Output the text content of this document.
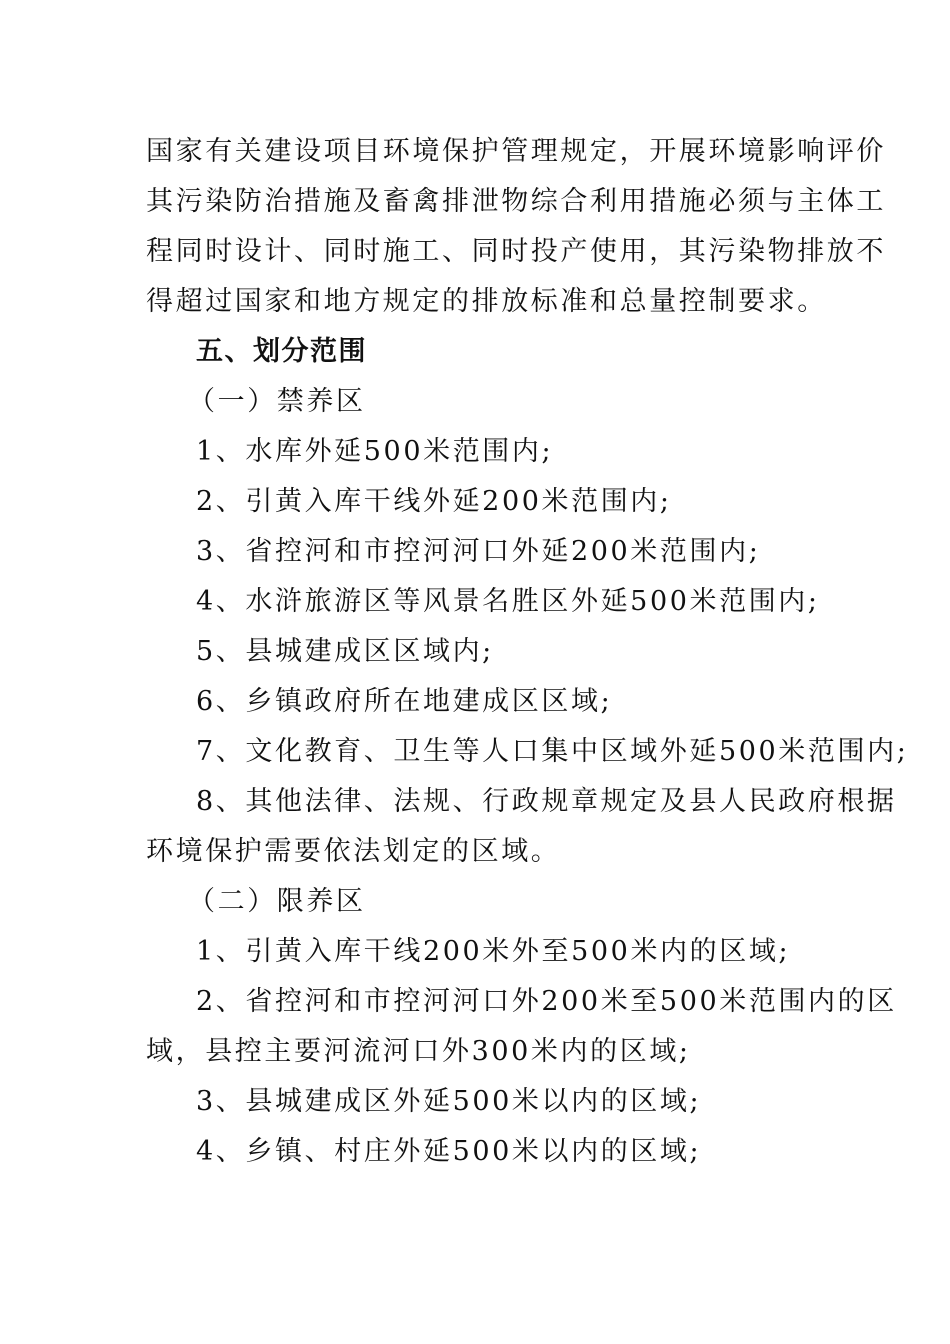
国家有关建设项目环境保护管理规定，开展环境影响评价
其污染防治措施及畜禽排泄物综合利用措施必须与主体工
程同时设计、同时施工、同时投产使用，其污染物排放不
得超过国家和地方规定的排放标准和总量控制要求。
五、划分范围
（一）禁养区
1、水库外延500米范围内;
2、引黄入库干线外延200米范围内;
3、省控河和市控河河口外延200米范围内;
4、水浒旅游区等风景名胜区外延500米范围内;
5、县城建成区区域内;
6、乡镇政府所在地建成区区域;
7、文化教育、卫生等人口集中区域外延500米范围内;
8、其他法律、法规、行政规章规定及县人民政府根据
环境保护需要依法划定的区域。
（二）限养区
1、引黄入库干线200米外至500米内的区域;
2、省控河和市控河河口外200米至500米范围内的区
域，县控主要河流河口外300米内的区域;
3、县城建成区外延500米以内的区域;
4、乡镇、村庄外延500米以内的区域;
